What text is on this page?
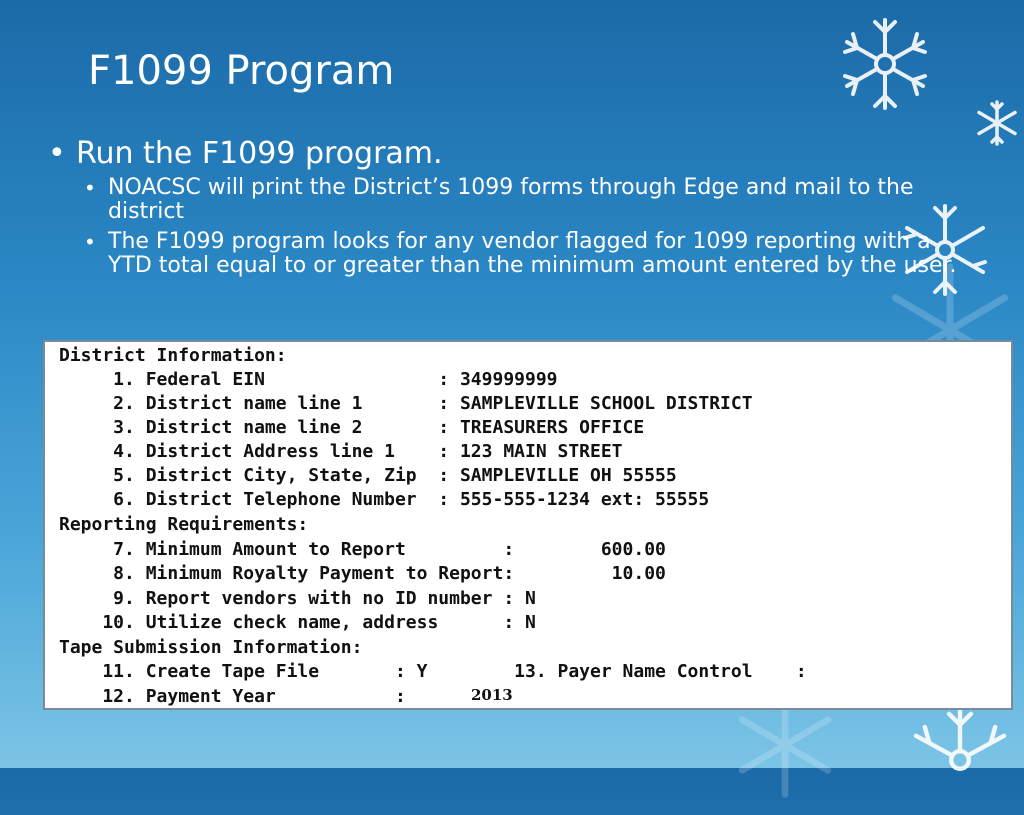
F1099 Program
• Run the F1099 program.
• NOACSC will print the District’s 1099 forms through Edge and mail to the district
• The F1099 program looks for any vendor flagged for 1099 reporting with a YTD total equal to or greater than the minimum amount entered by the user.
District Information:
1. Federal EIN                : 349999999
2. District name line 1       : SAMPLEVILLE SCHOOL DISTRICT
3. District name line 2       : TREASURERS OFFICE
4. District Address line 1    : 123 MAIN STREET
5. District City, State, Zip  : SAMPLEVILLE OH 55555
6. District Telephone Number  : 555-555-1234 ext: 55555
Reporting Requirements:
7. Minimum Amount to Report         :        600.00
8. Minimum Royalty Payment to Report:         10.00
9. Report vendors with no ID number : N
10. Utilize check name, address      : N
Tape Submission Information:
11. Create Tape File       : Y        13. Payer Name Control    :
12. Payment Year           :	2013
